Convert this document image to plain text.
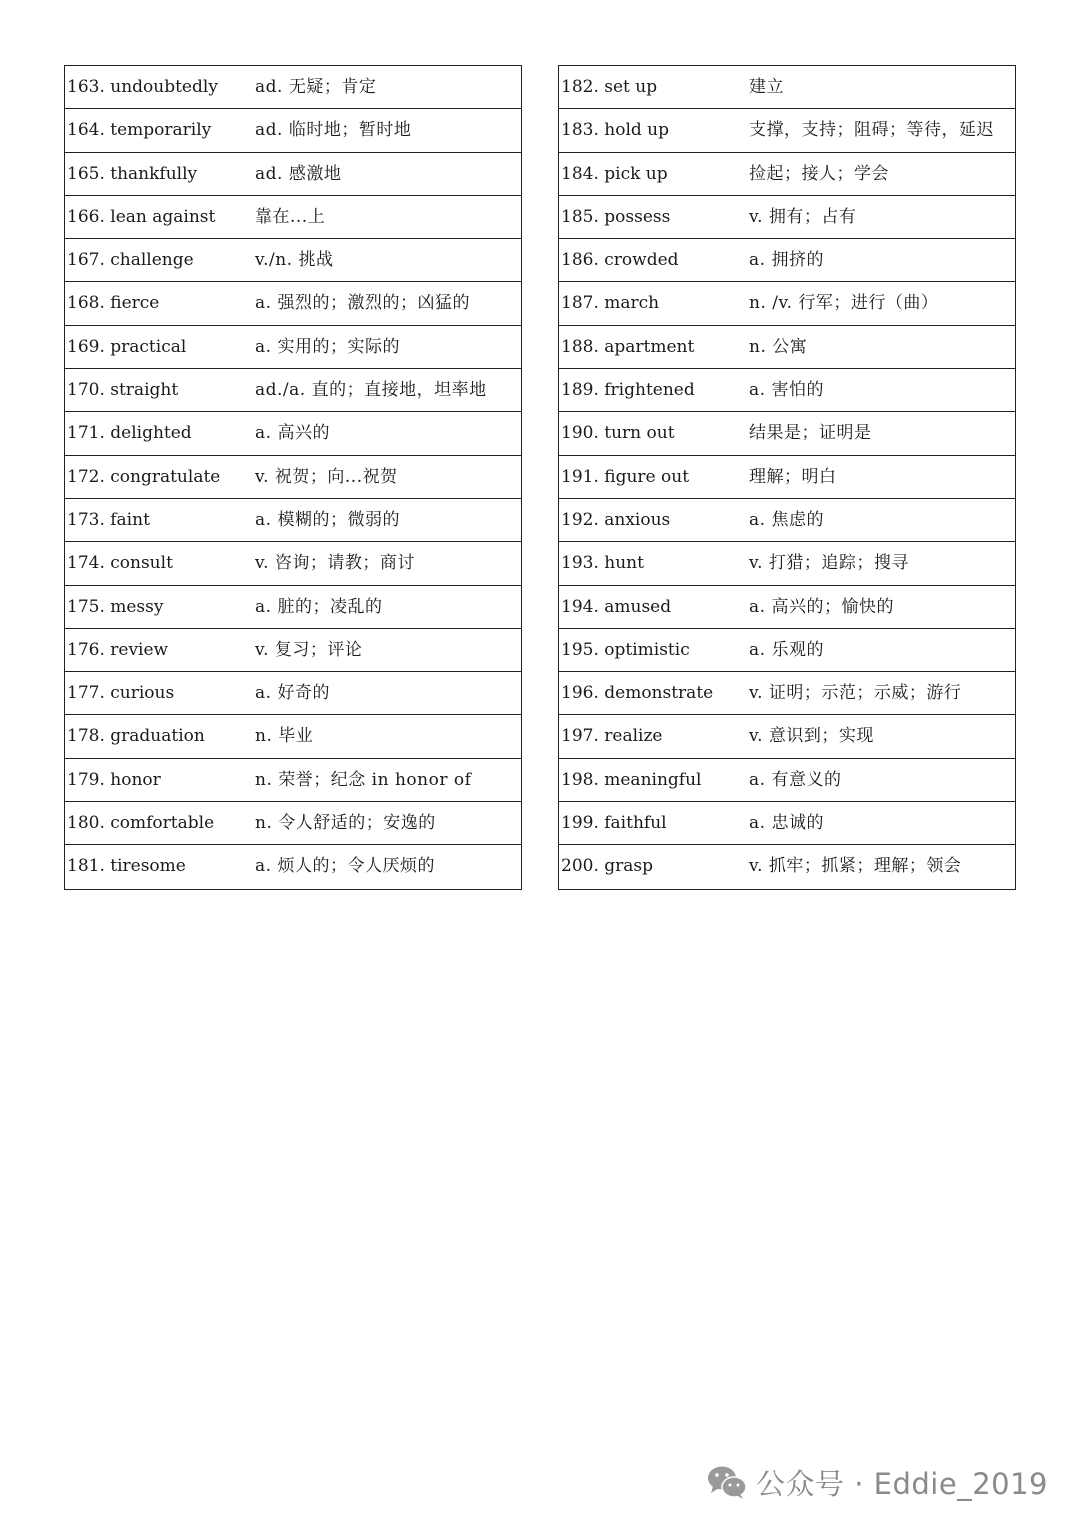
163. undoubtedly ad. 无疑；肯定
164. temporarily	ad. 临时地；暂时地
165. thankfully	ad. 感激地
166. lean against 靠在...上
167. challenge	v./n. 挑战
168. fierce	a. 强烈的；激烈的；凶猛的
169. practical	a. 实用的；实际的
170. straight	ad./a. 直的；直接地，坦率地
171. delighted	a. 高兴的
172. congratulate v. 祝贺；向...祝贺
173. faint	a. 模糊的；微弱的
174. consult	v. 咨询；请教；商讨
175. messy	a. 脏的；凌乱的
176. review	v. 复习；评论
177. curious	a. 好奇的
178. graduation	n. 毕业
179. honor	n. 荣誉；纪念 in honor of
180. comfortable n. 令人舒适的；安逸的
181. tiresome	a. 烦人的；令人厌烦的
182. set up	建立
183. hold up	支撑，支持；阻碍；等待，延迟
184. pick up	捡起；接人；学会
185. possess	v. 拥有；占有
186. crowded	a. 拥挤的
187. march	n. /v. 行军；进行（曲）
188. apartment	n. 公寓
189. frightened	a. 害怕的
190. turn out	结果是；证明是
191. figure out	理解；明白
192. anxious	a. 焦虑的
193. hunt	v. 打猎；追踪；搜寻
194. amused	a. 高兴的；愉快的
195. optimistic	a. 乐观的
196. demonstrate v. 证明；示范；示威；游行
197. realize	v. 意识到；实现
198. meaningful	a. 有意义的
199. faithful	a. 忠诚的
200. grasp	v. 抓牢；抓紧；理解；领会
公众号 · Eddie_2019
